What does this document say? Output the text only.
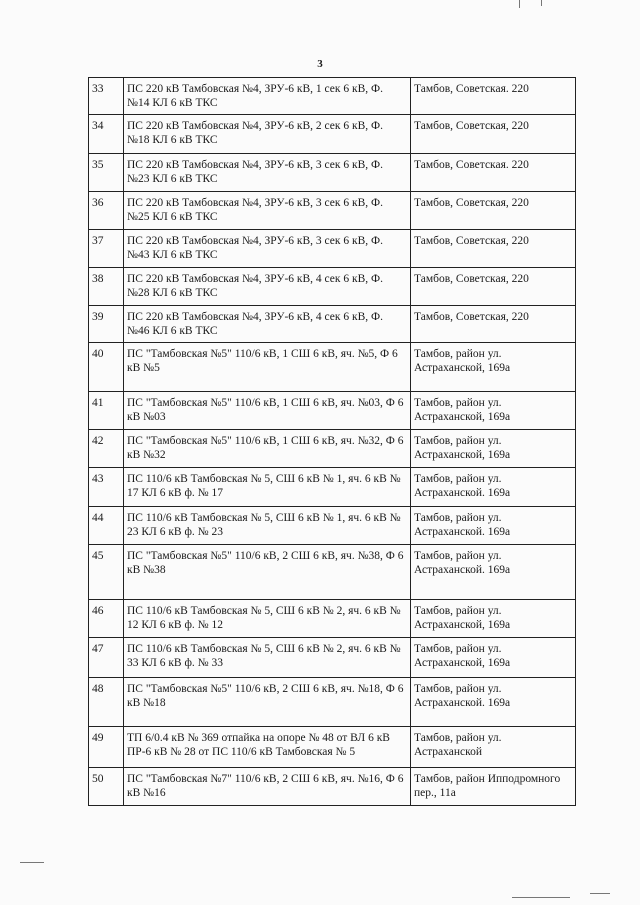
3
33	ПС 220 кВ Тамбовская №4, ЗРУ-6 кВ, 1 сек 6 кВ, Ф. №14 КЛ 6 кВ ТКС	Тамбов, Советская. 220
34	ПС 220 кВ Тамбовская №4, ЗРУ-6 кВ, 2 сек 6 кВ, Ф. №18 КЛ 6 кВ ТКС	Тамбов, Советская, 220
35	ПС 220 кВ Тамбовская №4, ЗРУ-6 кВ, 3 сек 6 кВ, Ф. №23 КЛ 6 кВ ТКС	Тамбов, Советская. 220
36	ПС 220 кВ Тамбовская №4, ЗРУ-6 кВ, 3 сек 6 кВ, Ф. №25 КЛ 6 кВ ТКС	Тамбов, Советская, 220
37	ПС 220 кВ Тамбовская №4, ЗРУ-6 кВ, 3 сек 6 кВ, Ф. №43 КЛ 6 кВ ТКС	Тамбов, Советская, 220
38	ПС 220 кВ Тамбовская №4, ЗРУ-6 кВ, 4 сек 6 кВ, Ф. №28 КЛ 6 кВ ТКС	Тамбов, Советская, 220
39	ПС 220 кВ Тамбовская №4, ЗРУ-6 кВ, 4 сек 6 кВ, Ф. №46 КЛ 6 кВ ТКС	Тамбов, Советская, 220
40	ПС "Тамбовская №5" 110/6 кВ, 1 СШ 6 кВ, яч. №5, Ф 6 кВ №5	Тамбов, район ул. Астраханской, 169а
41	ПС "Тамбовская №5" 110/6 кВ, 1 СШ 6 кВ, яч. №03, Ф 6 кВ №03	Тамбов, район ул. Астраханской, 169а
42	ПС "Тамбовская №5" 110/6 кВ, 1 СШ 6 кВ, яч. №32, Ф 6 кВ №32	Тамбов, район ул. Астраханской, 169а
43	ПС 110/6 кВ Тамбовская № 5, СШ 6 кВ № 1, яч. 6 кВ № 17 КЛ 6 кВ ф. № 17	Тамбов, район ул. Астраханской. 169а
44	ПС 110/6 кВ Тамбовская № 5, СШ 6 кВ № 1, яч. 6 кВ № 23 КЛ 6 кВ ф. № 23	Тамбов, район ул. Астраханской. 169а
45	ПС "Тамбовская №5" 110/6 кВ, 2 СШ 6 кВ, яч. №38, Ф 6 кВ №38	Тамбов, район ул. Астраханской. 169а
46	ПС 110/6 кВ Тамбовская № 5, СШ 6 кВ № 2, яч. 6 кВ № 12 КЛ 6 кВ ф. № 12	Тамбов, район ул. Астраханской, 169а
47	ПС 110/6 кВ Тамбовская № 5, СШ 6 кВ № 2, яч. 6 кВ № 33 КЛ 6 кВ ф. № 33	Тамбов, район ул. Астраханской, 169а
48	ПС "Тамбовская №5" 110/6 кВ, 2 СШ 6 кВ, яч. №18, Ф 6 кВ №18	Тамбов, район ул. Астраханской. 169а
49	ТП 6/0.4 кВ № 369 отпайка на опоре № 48 от ВЛ 6 кВ ПР-6 кВ № 28 от ПС 110/6 кВ Тамбовская № 5	Тамбов, район ул. Астраханской
50	ПС "Тамбовская №7" 110/6 кВ, 2 СШ 6 кВ, яч. №16, Ф 6 кВ №16	Тамбов, район Ипподромного пер., 11а
